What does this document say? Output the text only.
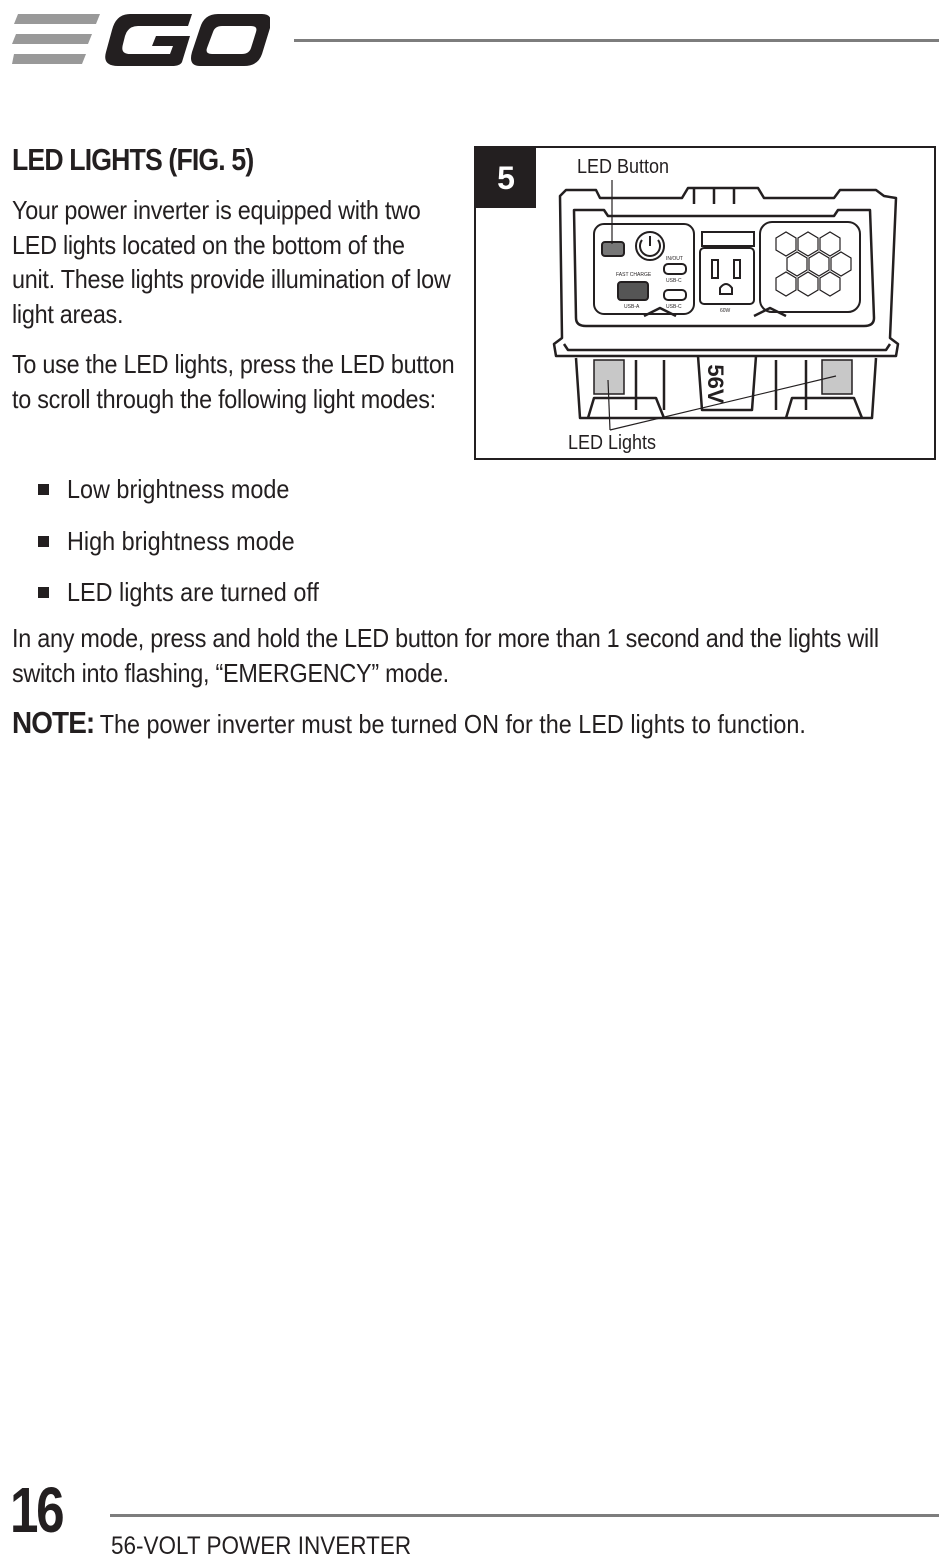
LED LIGHTS (FIG. 5)

Your power inverter is equipped with two LED lights located on the bottom of the unit. These lights provide illumination of low light areas.

To use the LED lights, press the LED button to scroll through the following light modes:

Low brightness mode
High brightness mode
LED lights are turned off

In any mode, press and hold the LED button for more than 1 second and the lights will switch into flashing, “EMERGENCY” mode.

NOTE: The power inverter must be turned ON for the LED lights to function.
56V
FAST CHARGE
USB-A
IN/OUT
USB-C
USB-C
60W
5	LED Button
LED Lights
16 56-VOLT POWER INVERTER
